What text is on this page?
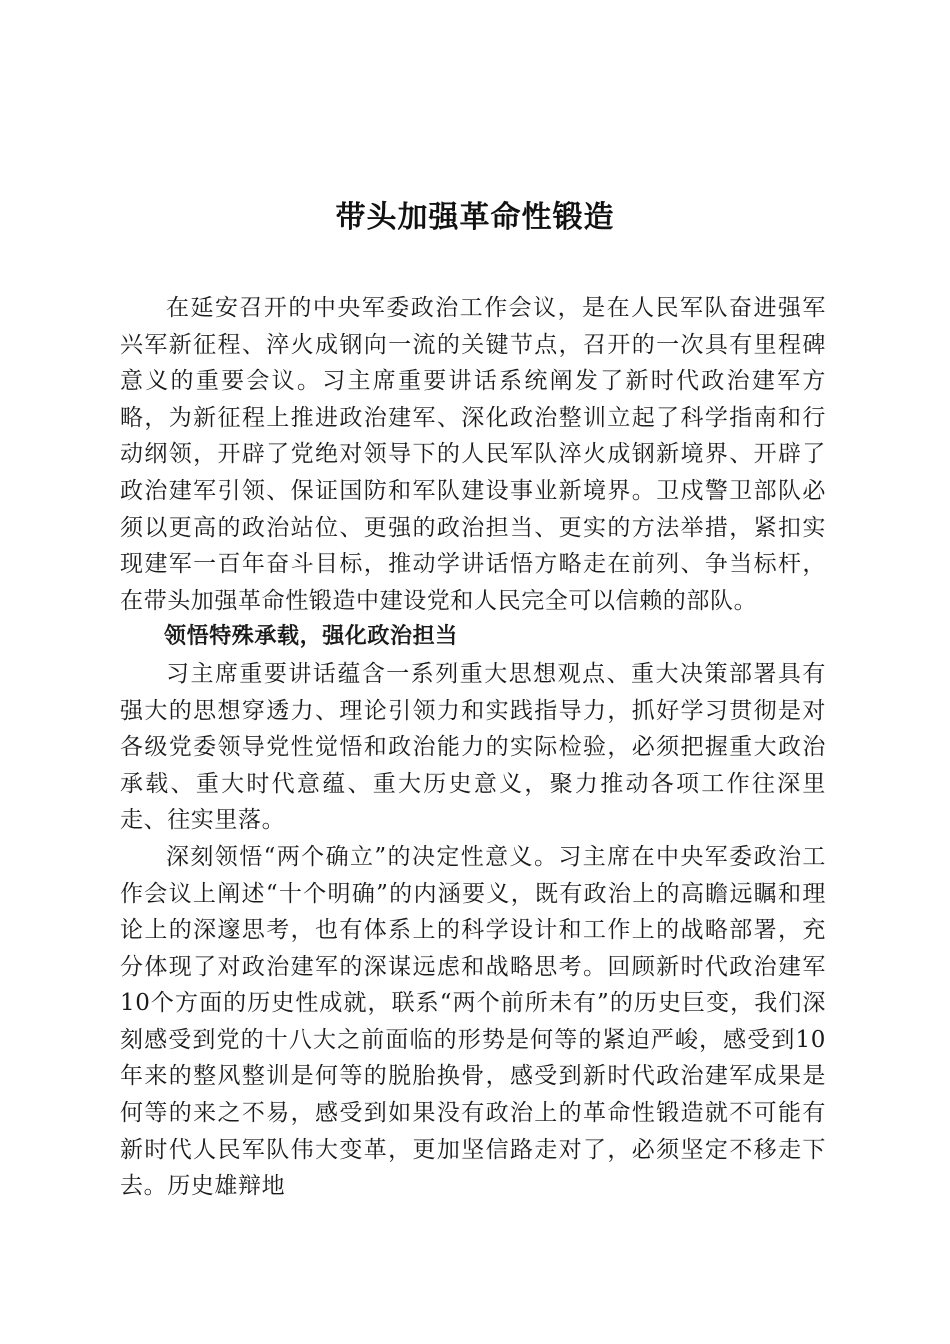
带头加强革命性锻造

在延安召开的中央军委政治工作会议，是在人民军队奋进强军兴军新征程、淬火成钢向一流的关键节点，召开的一次具有里程碑意义的重要会议。习主席重要讲话系统阐发了新时代政治建军方略，为新征程上推进政治建军、深化政治整训立起了科学指南和行动纲领，开辟了党绝对领导下的人民军队淬火成钢新境界、开辟了政治建军引领、保证国防和军队建设事业新境界。卫戍警卫部队必须以更高的政治站位、更强的政治担当、更实的方法举措，紧扣实现建军一百年奋斗目标，推动学讲话悟方略走在前列、争当标杆，在带头加强革命性锻造中建设党和人民完全可以信赖的部队。

领悟特殊承载，强化政治担当

习主席重要讲话蕴含一系列重大思想观点、重大决策部署具有强大的思想穿透力、理论引领力和实践指导力，抓好学习贯彻是对各级党委领导党性觉悟和政治能力的实际检验，必须把握重大政治承载、重大时代意蕴、重大历史意义，聚力推动各项工作往深里走、往实里落。

深刻领悟“两个确立”的决定性意义。习主席在中央军委政治工作会议上阐述“十个明确”的内涵要义，既有政治上的高瞻远瞩和理论上的深邃思考，也有体系上的科学设计和工作上的战略部署，充分体现了对政治建军的深谋远虑和战略思考。回顾新时代政治建军10个方面的历史性成就，联系“两个前所未有”的历史巨变，我们深刻感受到党的十八大之前面临的形势是何等的紧迫严峻，感受到10年来的整风整训是何等的脱胎换骨，感受到新时代政治建军成果是何等的来之不易，感受到如果没有政治上的革命性锻造就不可能有新时代人民军队伟大变革，更加坚信路走对了，必须坚定不移走下去。历史雄辩地
